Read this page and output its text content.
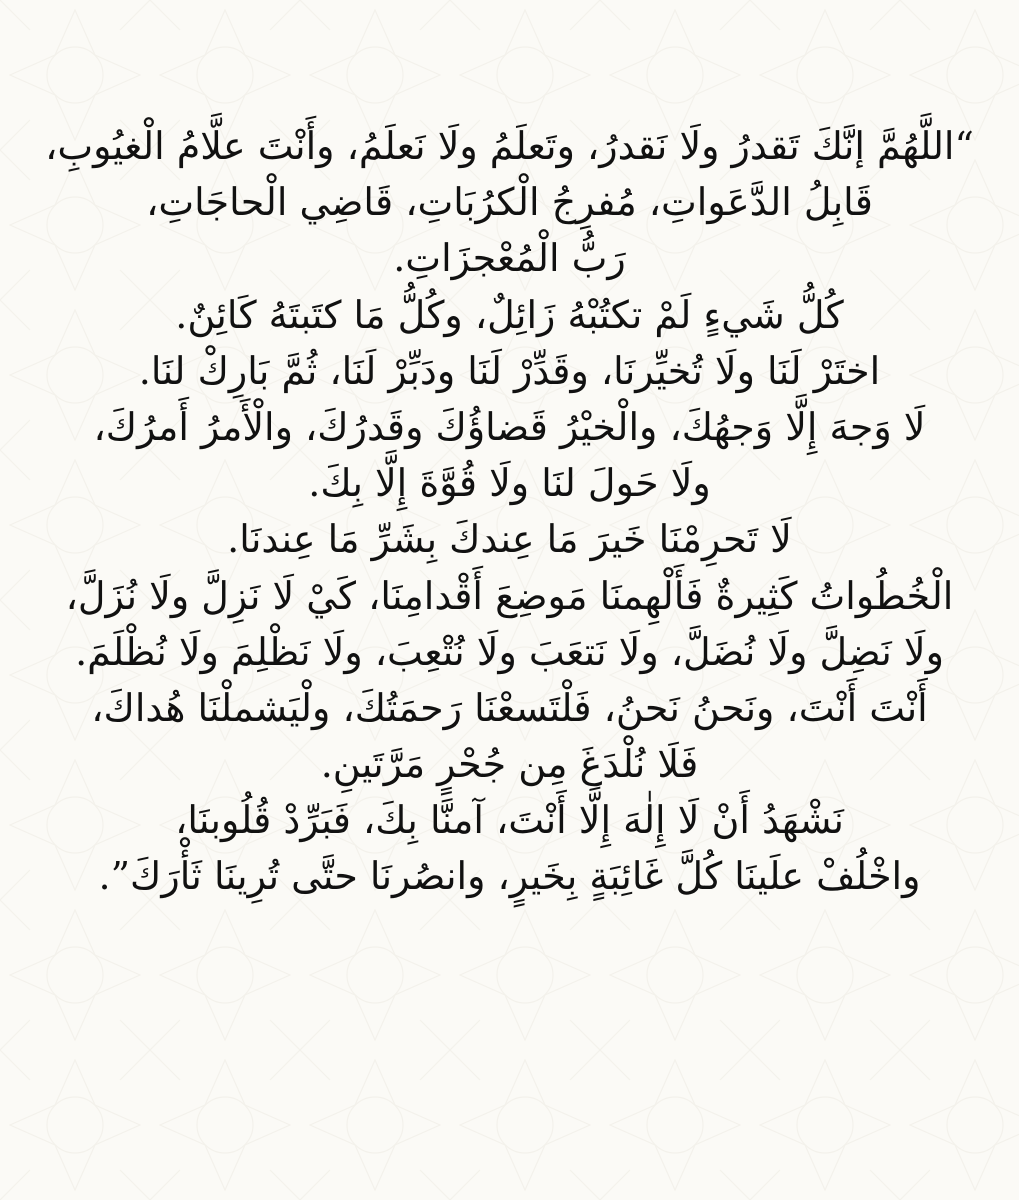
“اللَّهُمَّ إنَّكَ تَقدرُ ولَا نَقدرُ، وتَعلَمُ ولَا نَعلَمُ، وأَنْتَ علَّامُ الْغيُوبِ،
قَابِلُ الدَّعَواتِ، مُفرِجُ الْكرُبَاتِ، قَاضِي الْحاجَاتِ،
رَبُّ الْمُعْجزَاتِ.
كُلُّ شَيءٍ لَمْ تكتُبْهُ زَائِلٌ، وكُلُّ مَا كتَبتَهُ كَائِنٌ.
اختَرْ لَنَا ولَا تُخيِّرنَا، وقَدِّرْ لَنَا ودَبِّرْ لَنَا، ثُمَّ بَارِكْ لنَا.
لَا وَجهَ إِلَّا وَجهُكَ، والْخيْرُ قَضاؤُكَ وقَدرُكَ، والْأَمرُ أَمرُكَ،
ولَا حَولَ لنَا ولَا قُوَّةَ إِلَّا بِكَ.
لَا تَحرِمْنَا خَيرَ مَا عِندكَ بِشَرِّ مَا عِندنَا.
الْخُطُواتُ كَثِيرةٌ فَأَلْهِمنَا مَوضِعَ أَقْدامِنَا، كَيْ لَا نَزِلَّ ولَا نُزَلَّ،
ولَا نَضِلَّ ولَا نُضَلَّ، ولَا نَتعَبَ ولَا نُتْعِبَ، ولَا نَظْلِمَ ولَا نُظْلَمَ.
أَنْتَ أَنْتَ، ونَحنُ نَحنُ، فَلْتَسعْنَا رَحمَتُكَ، ولْيَشملْنَا هُداكَ،
فَلَا نُلْدَغَ مِن جُحْرٍ مَرَّتَينِ.
نَشْهَدُ أَنْ لَا إِلٰهَ إِلَّا أَنْتَ، آمنَّا بِكَ، فَبَرِّدْ قُلُوبنَا،
واخْلُفْ علَينَا كُلَّ غَائِبَةٍ بِخَيرٍ، وانصُرنَا حتَّى تُرِينَا ثَأْرَكَ”.
